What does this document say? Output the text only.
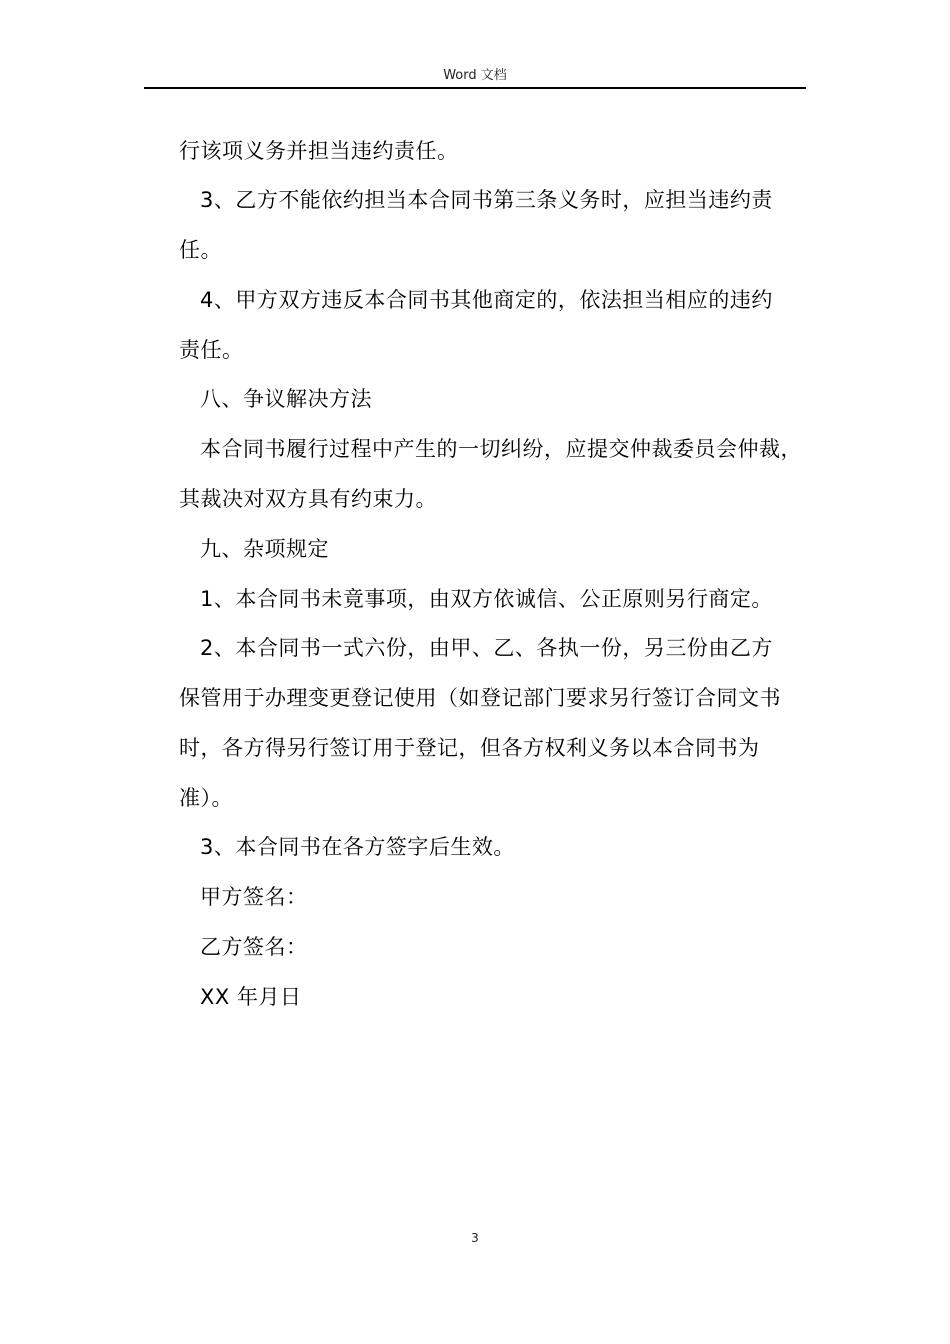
Word 文档
行该项义务并担当违约责任。
3、乙方不能依约担当本合同书第三条义务时，应担当违约责
任。
4、甲方双方违反本合同书其他商定的，依法担当相应的违约
责任。
八、争议解决方法
本合同书履行过程中产生的一切纠纷，应提交仲裁委员会仲裁，
其裁决对双方具有约束力。
九、杂项规定
1、本合同书未竟事项，由双方依诚信、公正原则另行商定。
2、本合同书一式六份，由甲、乙、各执一份，另三份由乙方
保管用于办理变更登记使用（如登记部门要求另行签订合同文书
时，各方得另行签订用于登记，但各方权利义务以本合同书为
准）。
3、本合同书在各方签字后生效。
甲方签名：
乙方签名：
XX 年月日
3
